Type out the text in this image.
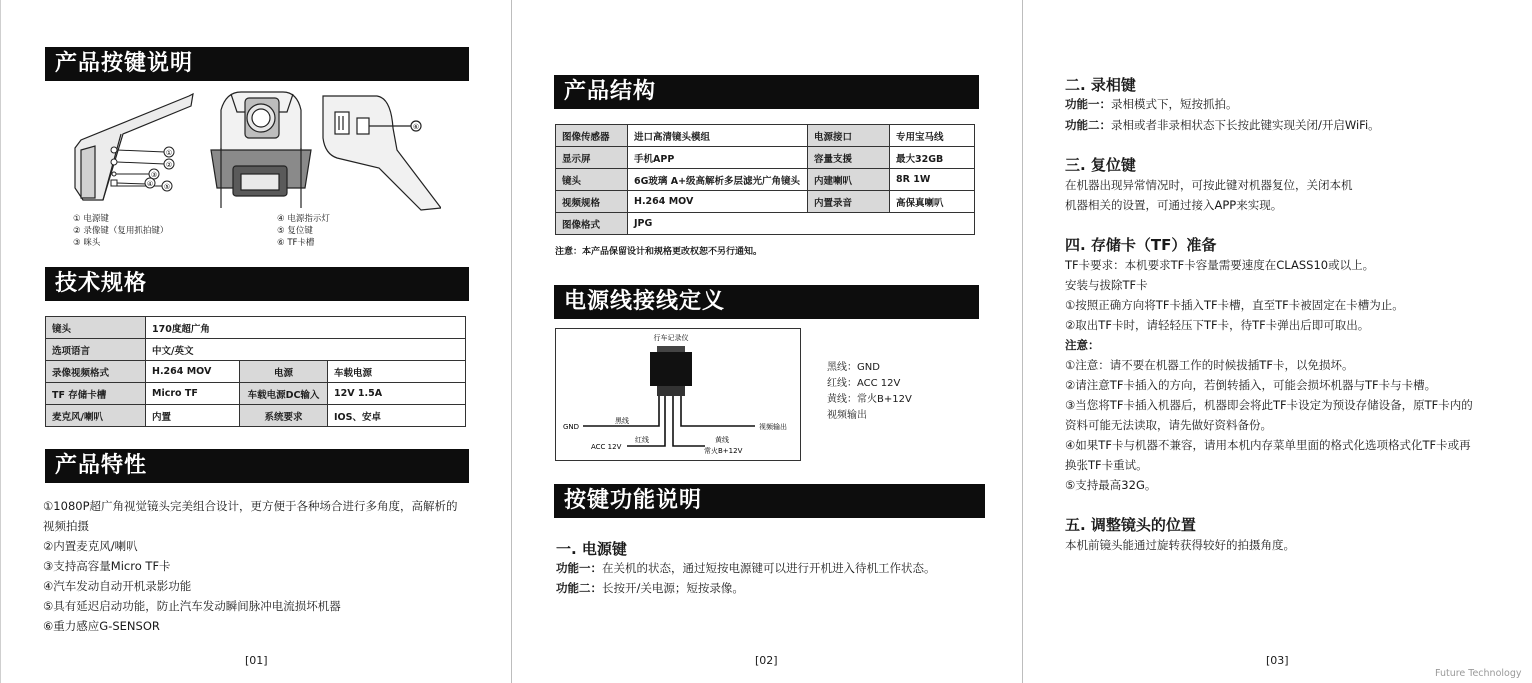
产品按键说明
①
②
③
④ ⑤
⑥
① 电源键
② 录像键（复用抓拍键）
③ 咪头
④ 电源指示灯
⑤ 复位键
⑥ TF卡槽
技术规格
镜头	170度超广角		
选项语言	中文/英文		
录像视频格式	H.264 MOV	电源	车载电源
TF 存储卡槽	Micro TF	车载电源DC输入	12V 1.5A
麦克风/喇叭	内置	系统要求	IOS、安卓
产品特性
①1080P超广角视觉镜头完美组合设计，更方便于各种场合进行多角度，高解析的
视频拍摄
②内置麦克风/喇叭
③支持高容量Micro TF卡
④汽车发动自动开机录影功能
⑤具有延迟启动功能，防止汽车发动瞬间脉冲电流损坏机器
⑥重力感应G-SENSOR
[01]
产品结构
图像传感器	进口高清镜头模组	电源接口	专用宝马线
显示屏	手机APP	容量支援	最大32GB
镜头	6G玻璃 A+级高解析多层滤光广角镜头	内建喇叭	8R 1W
视频规格	H.264 MOV	内置录音	高保真喇叭
图像格式	JPG		
注意：本产品保留设计和规格更改权恕不另行通知。
电源线接线定义
行车记录仪
黑线
红线	黄线
GND
ACC 12V	常火B+12V
视频输出
黑线：GND
红线：ACC 12V
黄线：常火B+12V
视频输出
按键功能说明
一. 电源键
功能一：在关机的状态，通过短按电源键可以进行开机进入待机工作状态。
功能二：长按开/关电源；短按录像。
[02]
二. 录相键
功能一：录相模式下，短按抓拍。
功能二：录相或者非录相状态下长按此键实现关闭/开启WiFi。
三. 复位键
在机器出现异常情况时，可按此键对机器复位，关闭本机
机器相关的设置，可通过接入APP来实现。
四. 存储卡（TF）准备
TF卡要求：本机要求TF卡容量需要速度在CLASS10或以上。
安装与拔除TF卡
①按照正确方向将TF卡插入TF卡槽，直至TF卡被固定在卡槽为止。
②取出TF卡时，请轻轻压下TF卡，待TF卡弹出后即可取出。
注意：
①注意：请不要在机器工作的时候拔插TF卡，以免损坏。
②请注意TF卡插入的方向，若倒转插入，可能会损坏机器与TF卡与卡槽。
③当您将TF卡插入机器后，机器即会将此TF卡设定为预设存储设备，原TF卡内的
资料可能无法读取，请先做好资料备份。
④如果TF卡与机器不兼容，请用本机内存菜单里面的格式化选项格式化TF卡或再
换张TF卡重试。
⑤支持最高32G。
五. 调整镜头的位置
本机前镜头能通过旋转获得较好的拍摄角度。
[03]
Future Technology
